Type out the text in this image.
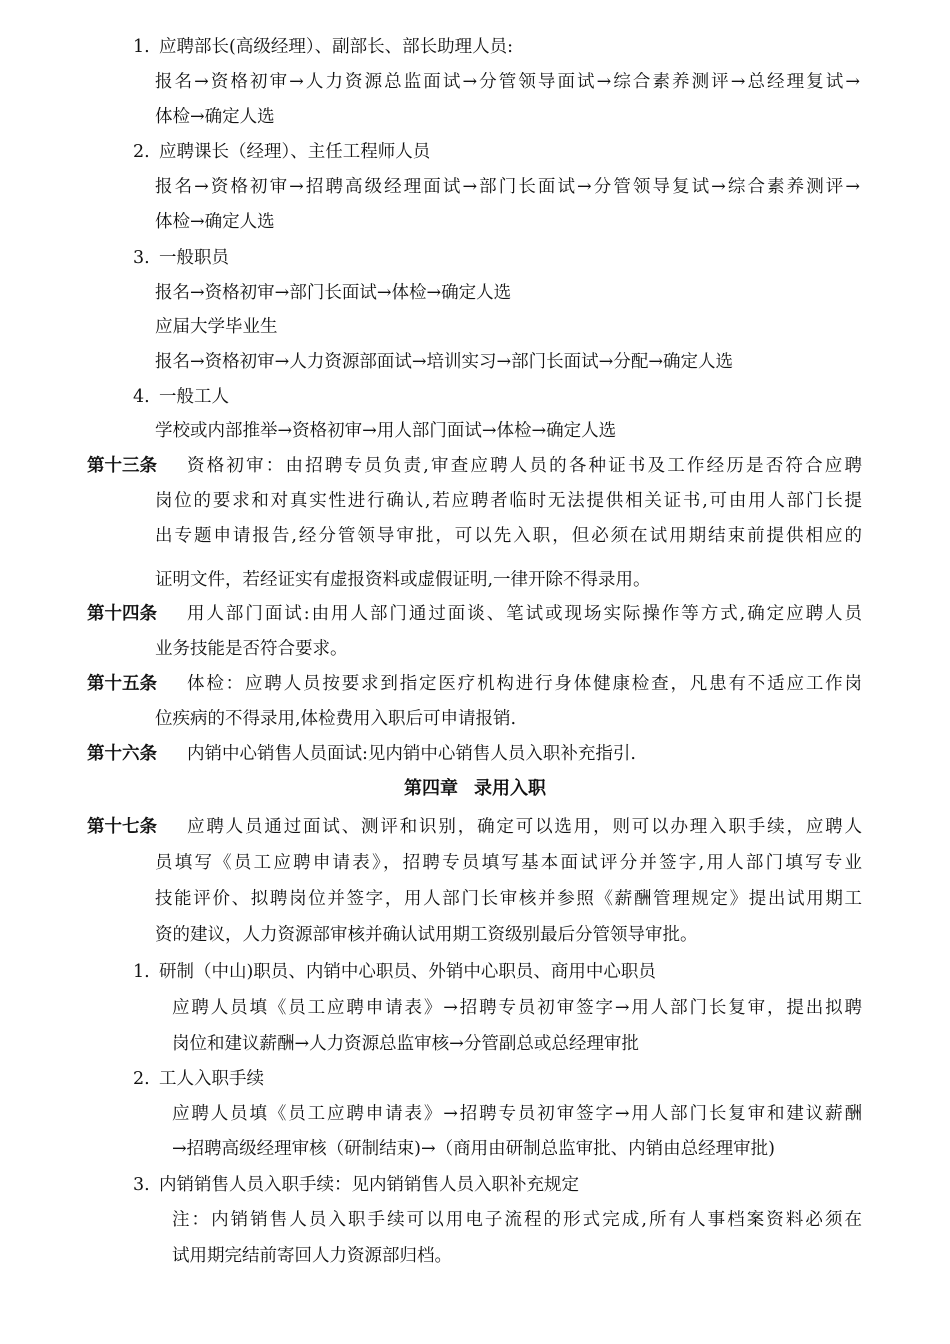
1. 应聘部长(高级经理）、副部长、部长助理人员:
报名→资格初审→人力资源总监面试→分管领导面试→综合素养测评→总经理复试→
体检→确定人选
2. 应聘课长（经理）、主任工程师人员
报名→资格初审→招聘高级经理面试→部门长面试→分管领导复试→综合素养测评→
体检→确定人选
3. 一般职员
报名→资格初审→部门长面试→体检→确定人选
应届大学毕业生
报名→资格初审→人力资源部面试→培训实习→部门长面试→分配→确定人选
4. 一般工人
学校或内部推举→资格初审→用人部门面试→体检→确定人选
第十三条 资格初审：由招聘专员负责,审查应聘人员的各种证书及工作经历是否符合应聘
岗位的要求和对真实性进行确认,若应聘者临时无法提供相关证书,可由用人部门长提
出专题申请报告,经分管领导审批，可以先入职，但必须在试用期结束前提供相应的
证明文件，若经证实有虚报资料或虚假证明,一律开除不得录用。
第十四条 用人部门面试:由用人部门通过面谈、笔试或现场实际操作等方式,确定应聘人员
业务技能是否符合要求。
第十五条 体检：应聘人员按要求到指定医疗机构进行身体健康检查，凡患有不适应工作岗
位疾病的不得录用,体检费用入职后可申请报销.
第十六条 内销中心销售人员面试:见内销中心销售人员入职补充指引.
第四章 录用入职
第十七条 应聘人员通过面试、测评和识别，确定可以选用，则可以办理入职手续，应聘人
员填写《员工应聘申请表》，招聘专员填写基本面试评分并签字,用人部门填写专业
技能评价、拟聘岗位并签字，用人部门长审核并参照《薪酬管理规定》提出试用期工
资的建议，人力资源部审核并确认试用期工资级别最后分管领导审批。
1. 研制（中山)职员、内销中心职员、外销中心职员、商用中心职员
应聘人员填《员工应聘申请表》→招聘专员初审签字→用人部门长复审，提出拟聘
岗位和建议薪酬→人力资源总监审核→分管副总或总经理审批
2. 工人入职手续
应聘人员填《员工应聘申请表》→招聘专员初审签字→用人部门长复审和建议薪酬
→招聘高级经理审核（研制结束)→（商用由研制总监审批、内销由总经理审批)
3. 内销销售人员入职手续：见内销销售人员入职补充规定
注：内销销售人员入职手续可以用电子流程的形式完成,所有人事档案资料必须在
试用期完结前寄回人力资源部归档。
